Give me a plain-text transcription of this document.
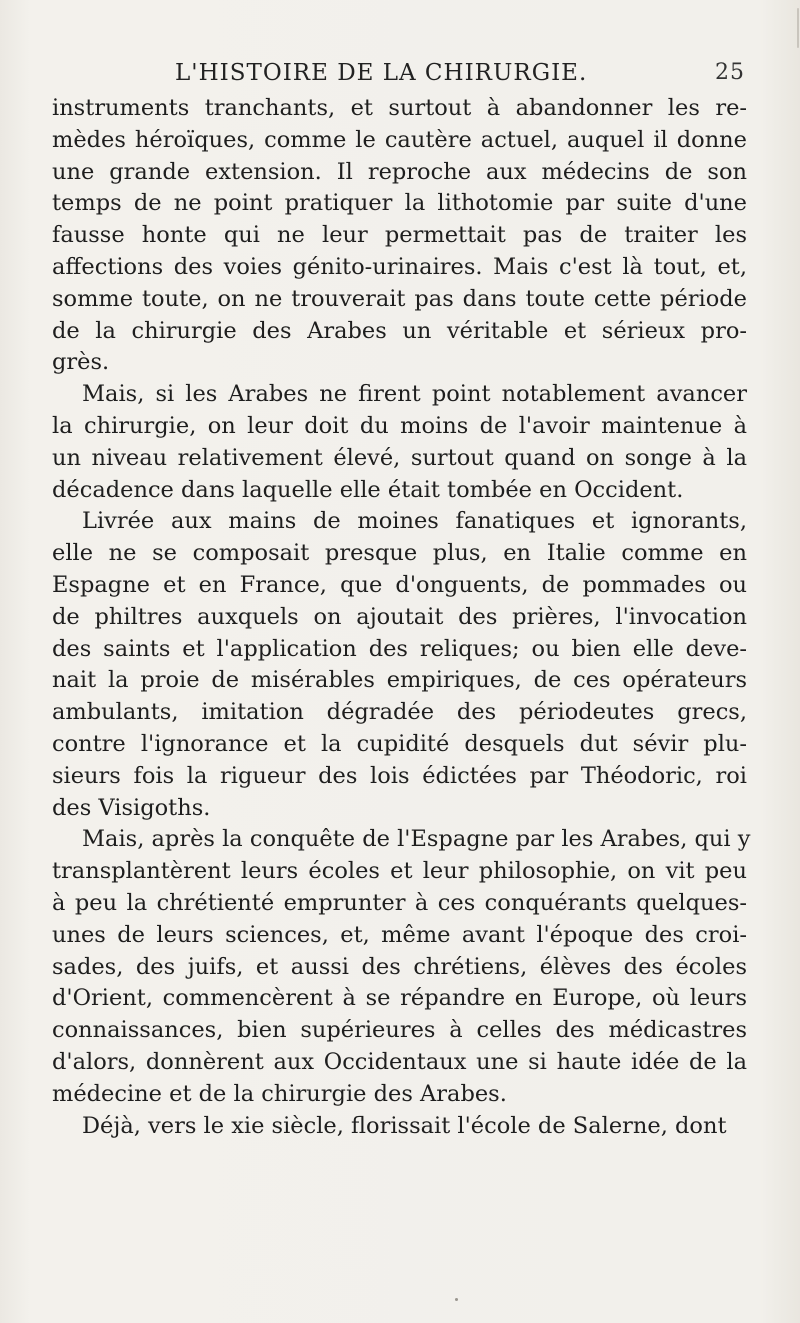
L'HISTOIRE DE LA CHIRURGIE.	25
instruments tranchants, et surtout à abandonner les re-
mèdes héroïques, comme le cautère actuel, auquel il donne
une grande extension. Il reproche aux médecins de son
temps de ne point pratiquer la lithotomie par suite d'une
fausse honte qui ne leur permettait pas de traiter les
affections des voies génito-urinaires. Mais c'est là tout, et,
somme toute, on ne trouverait pas dans toute cette période
de la chirurgie des Arabes un véritable et sérieux pro-
grès.
Mais, si les Arabes ne firent point notablement avancer
la chirurgie, on leur doit du moins de l'avoir maintenue à
un niveau relativement élevé, surtout quand on songe à la
décadence dans laquelle elle était tombée en Occident.
Livrée aux mains de moines fanatiques et ignorants,
elle ne se composait presque plus, en Italie comme en
Espagne et en France, que d'onguents, de pommades ou
de philtres auxquels on ajoutait des prières, l'invocation
des saints et l'application des reliques; ou bien elle deve-
nait la proie de misérables empiriques, de ces opérateurs
ambulants, imitation dégradée des périodeutes grecs,
contre l'ignorance et la cupidité desquels dut sévir plu-
sieurs fois la rigueur des lois édictées par Théodoric, roi
des Visigoths.
Mais, après la conquête de l'Espagne par les Arabes, qui y
transplantèrent leurs écoles et leur philosophie, on vit peu
à peu la chrétienté emprunter à ces conquérants quelques-
unes de leurs sciences, et, même avant l'époque des croi-
sades, des juifs, et aussi des chrétiens, élèves des écoles
d'Orient, commencèrent à se répandre en Europe, où leurs
connaissances, bien supérieures à celles des médicastres
d'alors, donnèrent aux Occidentaux une si haute idée de la
médecine et de la chirurgie des Arabes.
Déjà, vers le xie siècle, florissait l'école de Salerne, dont
